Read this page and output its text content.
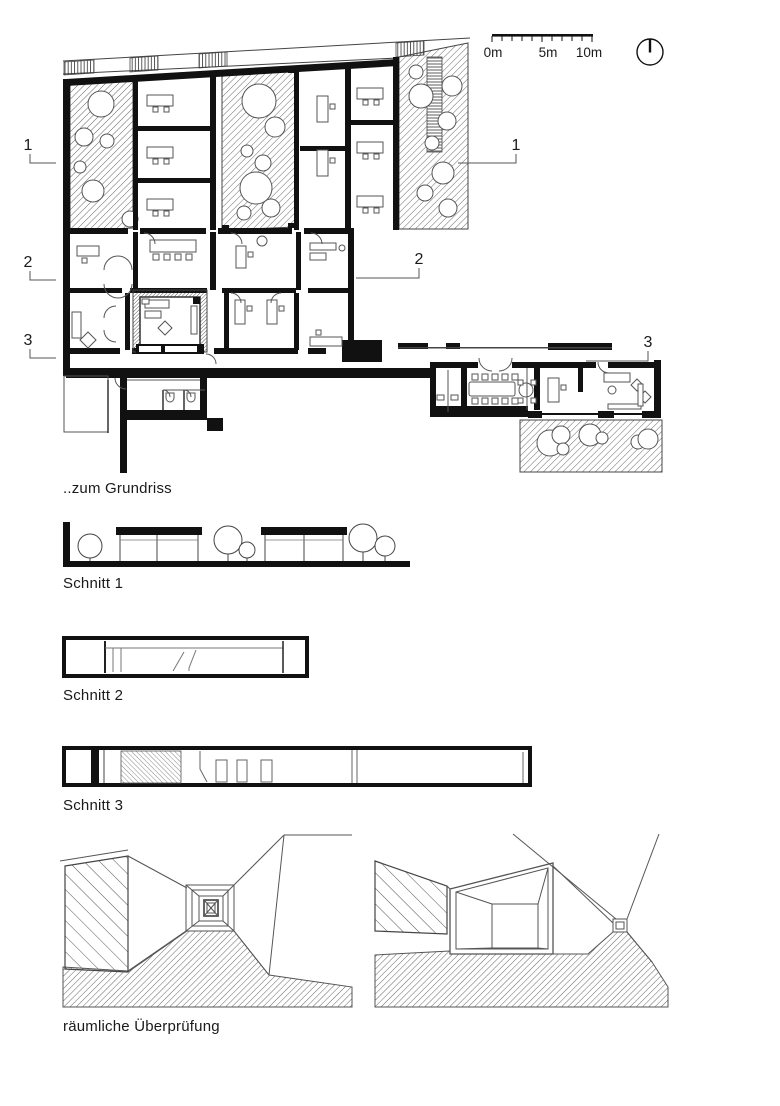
0m	5m 10m
1
2
3
1
2
3
..zum Grundriss
Schnitt 1
Schnitt 2
Schnitt 3
räumliche Überprüfung
